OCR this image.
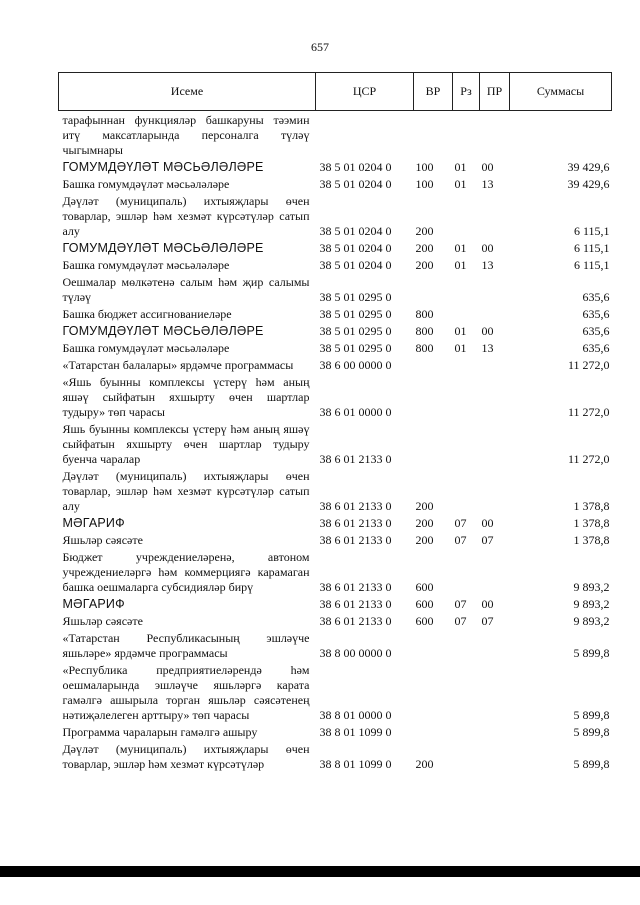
657
Исеме	ЦСР	ВР	Рз	ПР	Суммасы
тарафыннан функцияләр башкаруны тәэмин итү максатларында персоналга түләү чыгымнары					
ГОМУМДӘҮЛӘТ МӘСЬӘЛӘЛӘРЕ	38 5 01 0204 0	100	01	00	39 429,6
Башка гомумдәүләт мәсьәләләре	38 5 01 0204 0	100	01	13	39 429,6
Дәүләт (муниципаль) ихтыяҗлары өчен товарлар, эшләр һәм хезмәт күрсәтүләр сатып алу	38 5 01 0204 0	200			6 115,1
ГОМУМДӘҮЛӘТ МӘСЬӘЛӘЛӘРЕ	38 5 01 0204 0	200	01	00	6 115,1
Башка гомумдәүләт мәсьәләләре	38 5 01 0204 0	200	01	13	6 115,1
Оешмалар мөлкәтенә салым һәм җир салымы түләү	38 5 01 0295 0				635,6
Башка бюджет ассигнованиеләре	38 5 01 0295 0	800			635,6
ГОМУМДӘҮЛӘТ МӘСЬӘЛӘЛӘРЕ	38 5 01 0295 0	800	01	00	635,6
Башка гомумдәүләт мәсьәләләре	38 5 01 0295 0	800	01	13	635,6
«Татарстан балалары» ярдәмче программасы	38 6 00 0000 0				11 272,0
«Яшь буынны комплексы үстерү һәм аның яшәү сыйфатын яхшырту өчен шартлар тудыру» төп чарасы	38 6 01 0000 0				11 272,0
Яшь буынны комплексы үстерү һәм аның яшәү сыйфатын яхшырту өчен шартлар тудыру буенча чаралар	38 6 01 2133 0				11 272,0
Дәүләт (муниципаль) ихтыяҗлары өчен товарлар, эшләр һәм хезмәт күрсәтүләр сатып алу	38 6 01 2133 0	200			1 378,8
МӘГАРИФ	38 6 01 2133 0	200	07	00	1 378,8
Яшьләр сәясәте	38 6 01 2133 0	200	07	07	1 378,8
Бюджет учреждениеләренә, автоном учреждениеләргә һәм коммерциягә карамаган башка оешмаларга субсидияләр бирү	38 6 01 2133 0	600			9 893,2
МӘГАРИФ	38 6 01 2133 0	600	07	00	9 893,2
Яшьләр сәясәте	38 6 01 2133 0	600	07	07	9 893,2
«Татарстан Республикасының эшләүче яшьләре» ярдәмче программасы	38 8 00 0000 0				5 899,8
«Республика предприятиеләрендә һәм оешмаларында эшләүче яшьләргә карата гамәлгә ашырыла торган яшьләр сәясәтенең нәтиҗәлелеген арттыру» төп чарасы	38 8 01 0000 0				5 899,8
Программа чараларын гамәлгә ашыру	38 8 01 1099 0				5 899,8
Дәүләт (муниципаль) ихтыяҗлары өчен товарлар, эшләр һәм хезмәт күрсәтүләр	38 8 01 1099 0	200			5 899,8
